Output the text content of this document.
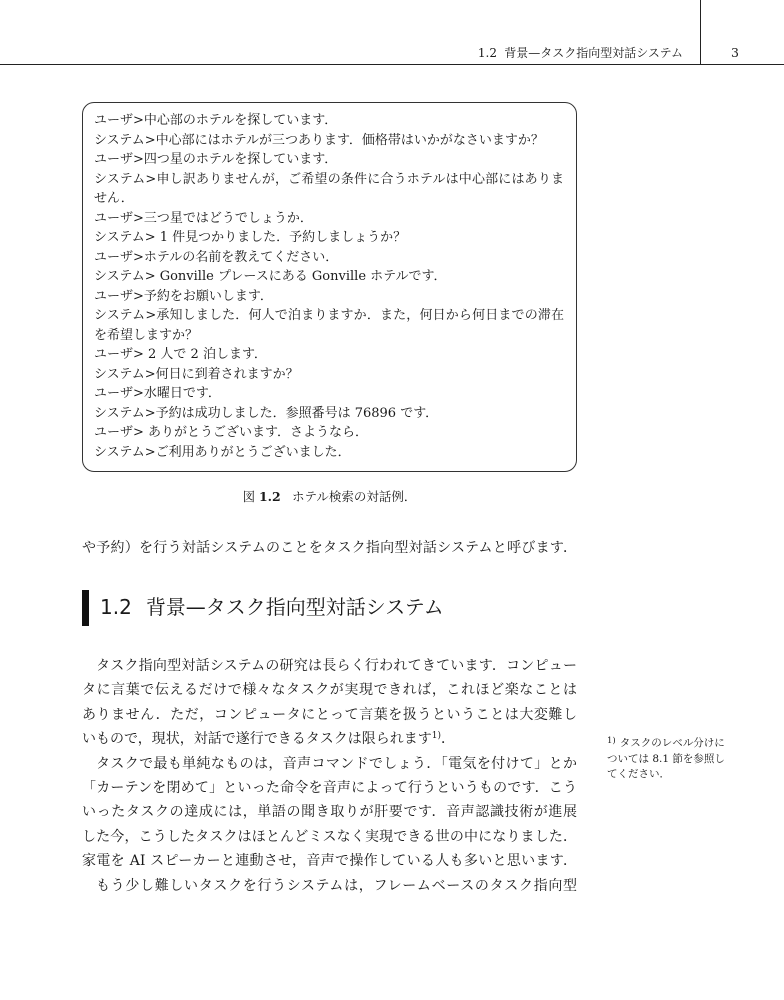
1.2 背景—タスク指向型対話システム	3
ユーザ>中心部のホテルを探しています．
システム>中心部にはホテルが三つあります．価格帯はいかがなさいますか？
ユーザ>四つ星のホテルを探しています．
システム>申し訳ありませんが，ご希望の条件に合うホテルは中心部にはありま
せん．
ユーザ>三つ星ではどうでしょうか．
システム> 1 件見つかりました．予約しましょうか？
ユーザ>ホテルの名前を教えてください．
システム> Gonville プレースにある Gonville ホテルです．
ユーザ>予約をお願いします．
システム>承知しました．何人で泊まりますか．また，何日から何日までの滞在
を希望しますか？
ユーザ> 2 人で 2 泊します．
システム>何日に到着されますか？
ユーザ>水曜日です．
システム>予約は成功しました．参照番号は 76896 です．
ユーザ> ありがとうございます．さようなら．
システム>ご利用ありがとうございました．
図 1.2 ホテル検索の対話例．
や予約）を行う対話システムのことをタスク指向型対話システムと呼びます．
1.2 背景—タスク指向型対話システム
タスク指向型対話システムの研究は長らく行われてきています．コンピュー
タに言葉で伝えるだけで様々なタスクが実現できれば，これほど楽なことは
ありません．ただ，コンピュータにとって言葉を扱うということは大変難し
いもので，現状，対話で遂行できるタスクは限られます$^{1)}$．
タスクで最も単純なものは，音声コマンドでしょう．「電気を付けて」とか
「カーテンを閉めて」といった命令を音声によって行うというものです．こう
いったタスクの達成には，単語の聞き取りが肝要です．音声認識技術が進展
した今，こうしたタスクはほとんどミスなく実現できる世の中になりました．
家電を AI スピーカーと連動させ，音声で操作している人も多いと思います．
もう少し難しいタスクを行うシステムは，フレームベースのタスク指向型
$^{1)}$ タスクのレベル分けに
ついては 8.1 節を参照し
てください．
